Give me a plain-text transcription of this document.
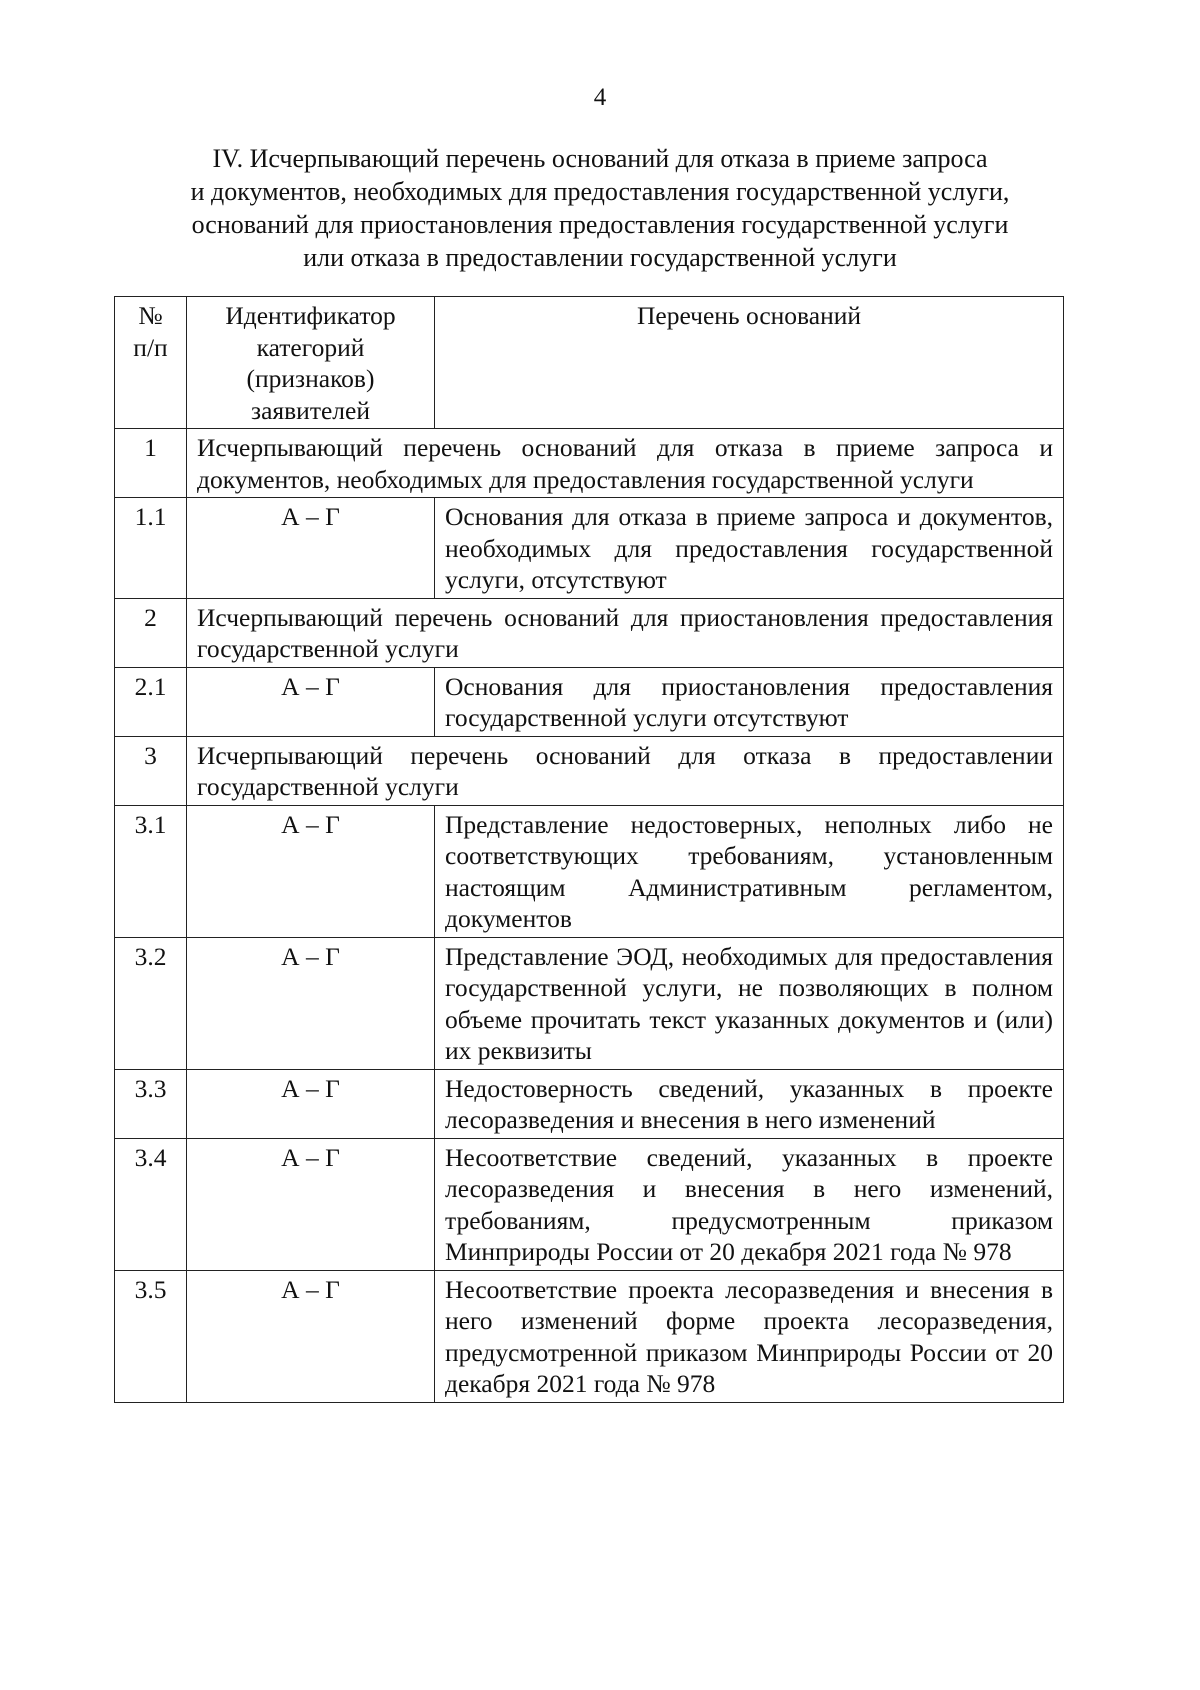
4
IV. Исчерпывающий перечень оснований для отказа в приеме запроса
и документов, необходимых для предоставления государственной услуги,
оснований для приостановления предоставления государственной услуги
или отказа в предоставлении государственной услуги
№ п/п	Идентификатор категорий (признаков) заявителей	Перечень оснований
1	Исчерпывающий перечень оснований для отказа в приеме запроса и документов, необходимых для предоставления государственной услуги	
1.1	А – Г	Основания для отказа в приеме запроса и документов, необходимых для предоставления государственной услуги, отсутствуют
2	Исчерпывающий перечень оснований для приостановления предоставления государственной услуги	
2.1	А – Г	Основания для приостановления предоставления государственной услуги отсутствуют
3	Исчерпывающий перечень оснований для отказа в предоставлении государственной услуги	
3.1	А – Г	Представление недостоверных, неполных либо не соответствующих требованиям, установленным настоящим Административным регламентом, документов
3.2	А – Г	Представление ЭОД, необходимых для предоставления государственной услуги, не позволяющих в полном объеме прочитать текст указанных документов и (или) их реквизиты
3.3	А – Г	Недостоверность сведений, указанных в проекте лесоразведения и внесения в него изменений
3.4	А – Г	Несоответствие сведений, указанных в проекте лесоразведения и внесения в него изменений, требованиям, предусмотренным приказом Минприроды России от 20 декабря 2021 года № 978
3.5	А – Г	Несоответствие проекта лесоразведения и внесения в него изменений форме проекта лесоразведения, предусмотренной приказом Минприроды России от 20 декабря 2021 года № 978
